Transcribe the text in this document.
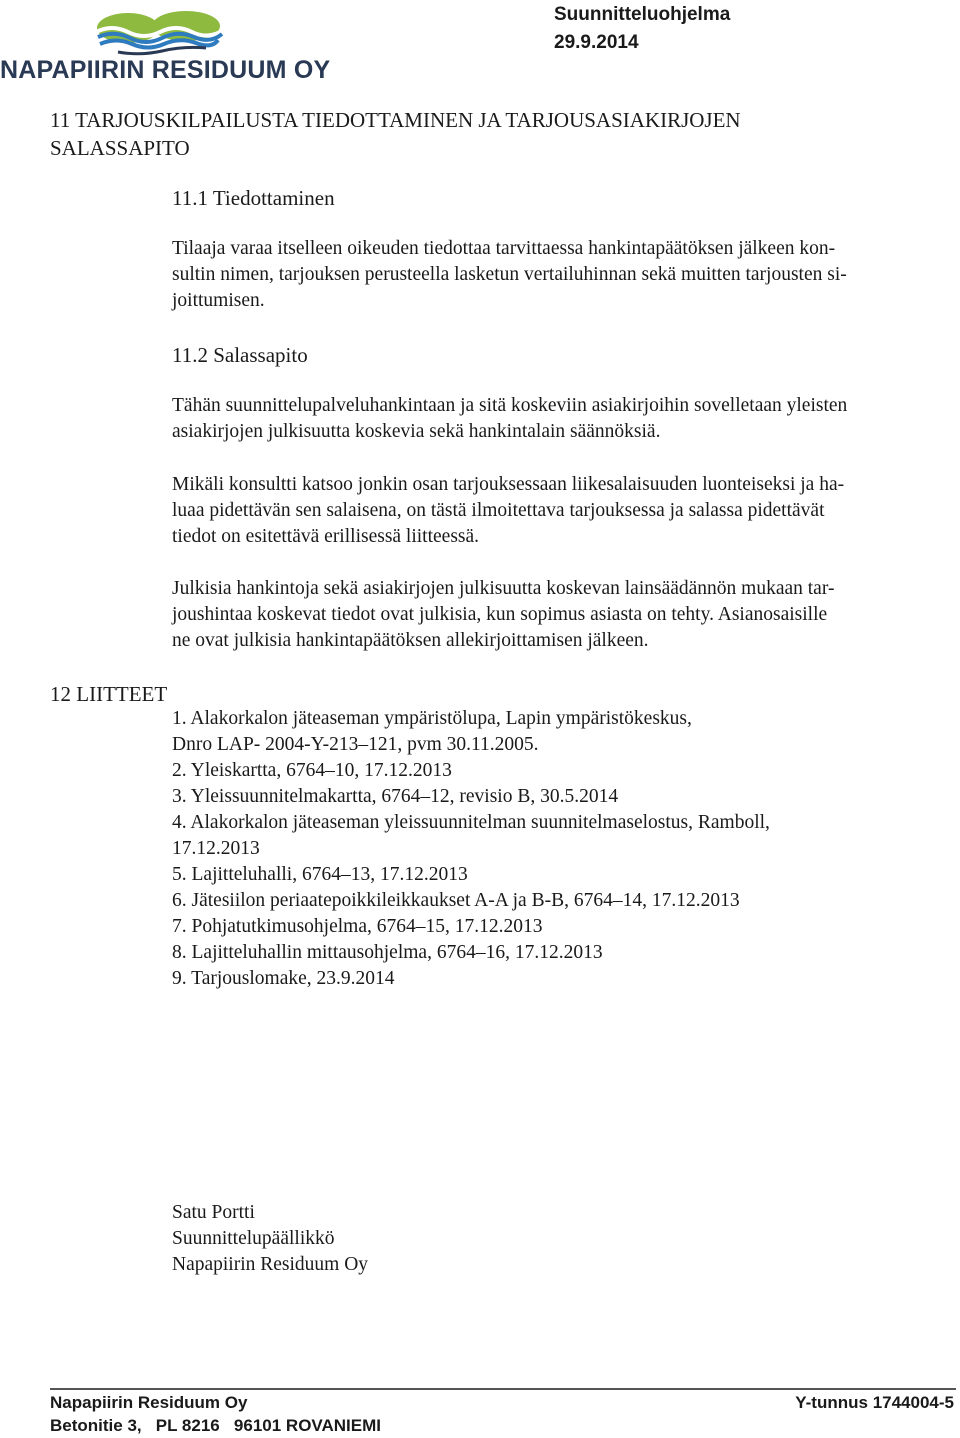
NAPAPIIRIN RESIDUUM OY
Suunnitteluohjelma
29.9.2014
11 TARJOUSKILPAILUSTA TIEDOTTAMINEN JA TARJOUSASIAKIRJOJEN
SALASSAPITO
11.1 Tiedottaminen
Tilaaja varaa itselleen oikeuden tiedottaa tarvittaessa hankintapäätöksen jälkeen kon-
sultin nimen, tarjouksen perusteella lasketun vertailuhinnan sekä muitten tarjousten si-
joittumisen.
11.2 Salassapito
Tähän suunnittelupalveluhankintaan ja sitä koskeviin asiakirjoihin sovelletaan yleisten
asiakirjojen julkisuutta koskevia sekä hankintalain säännöksiä.
Mikäli konsultti katsoo jonkin osan tarjouksessaan liikesalaisuuden luonteiseksi ja ha-
luaa pidettävän sen salaisena, on tästä ilmoitettava tarjouksessa ja salassa pidettävät
tiedot on esitettävä erillisessä liitteessä.
Julkisia hankintoja sekä asiakirjojen julkisuutta koskevan lainsäädännön mukaan tar-
joushintaa koskevat tiedot ovat julkisia, kun sopimus asiasta on tehty. Asianosaisille
ne ovat julkisia hankintapäätöksen allekirjoittamisen jälkeen.
12 LIITTEET
1. Alakorkalon jäteaseman ympäristölupa, Lapin ympäristökeskus,
Dnro LAP- 2004-Y-213–121, pvm 30.11.2005.
2. Yleiskartta, 6764–10, 17.12.2013
3. Yleissuunnitelmakartta, 6764–12, revisio B, 30.5.2014
4. Alakorkalon jäteaseman yleissuunnitelman suunnitelmaselostus, Ramboll,
17.12.2013
5. Lajitteluhalli, 6764–13, 17.12.2013
6. Jätesiilon periaatepoikkileikkaukset A-A ja B-B, 6764–14, 17.12.2013
7. Pohjatutkimusohjelma, 6764–15, 17.12.2013
8. Lajitteluhallin mittausohjelma, 6764–16, 17.12.2013
9. Tarjouslomake, 23.9.2014
Satu Portti
Suunnittelupäällikkö
Napapiirin Residuum Oy
Napapiirin Residuum Oy
Betonitie 3,   PL 8216   96101 ROVANIEMI
Y-tunnus 1744004-5
